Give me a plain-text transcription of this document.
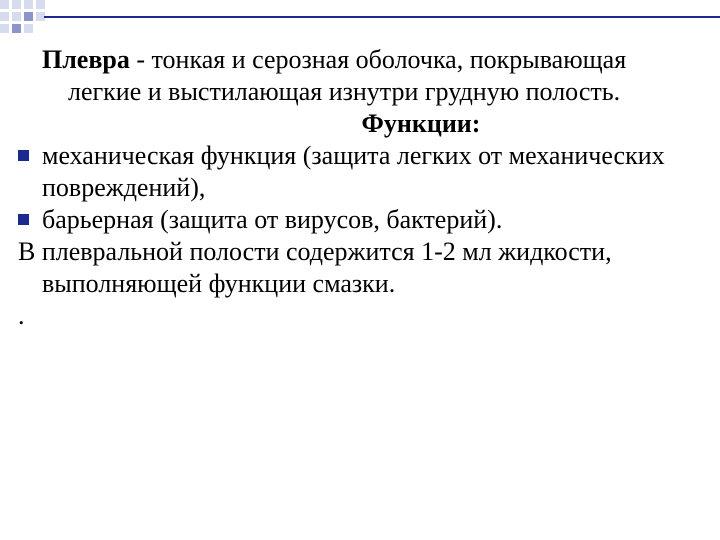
Плевра - тонкая и серозная оболочка, покрывающая легкие и выстилающая изнутри грудную полость.

Функции:

механическая функция (защита легких от механических повреждений),

барьерная (защита от вирусов, бактерий).

В плевральной полости содержится 1-2 мл жидкости, выполняющей функции смазки.

.
